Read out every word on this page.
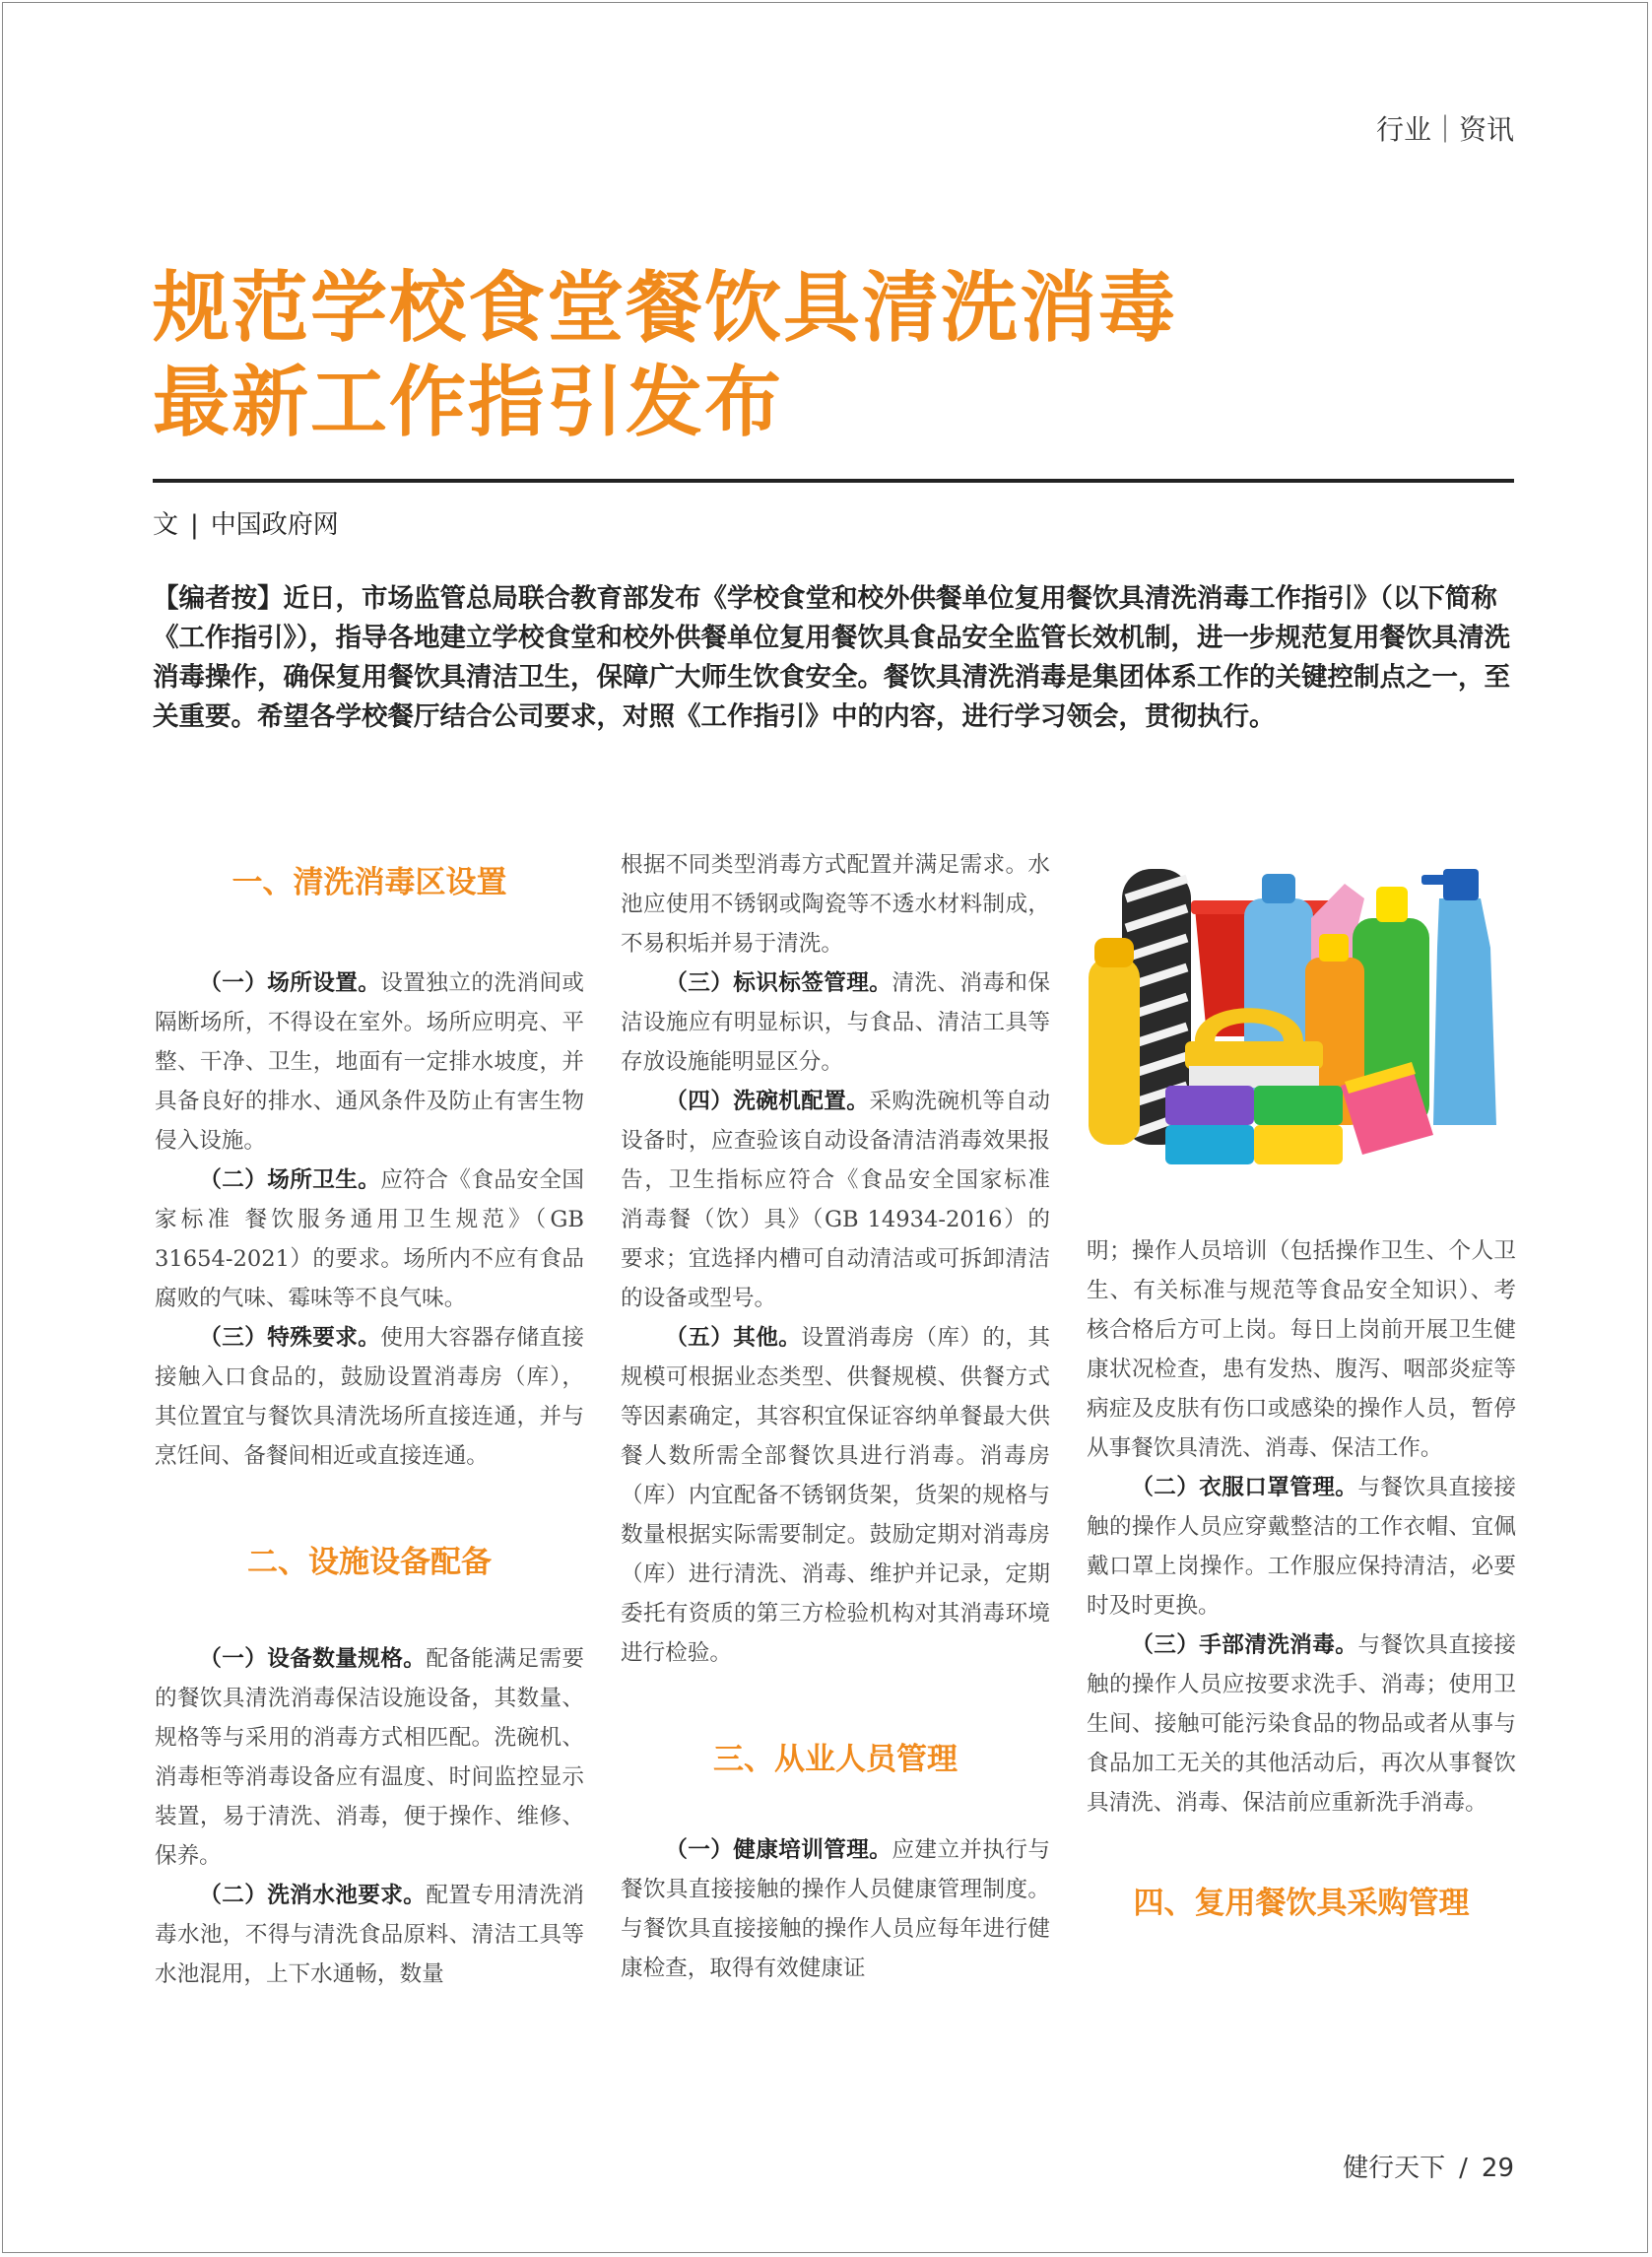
行业｜资讯
规范学校食堂餐饮具清洗消毒
最新工作指引发布
文 | 中国政府网

【编者按】近日，市场监管总局联合教育部发布《学校食堂和校外供餐单位复用餐饮具清洗消毒工作指引》（以下简称《工作指引》），指导各地建立学校食堂和校外供餐单位复用餐饮具食品安全监管长效机制，进一步规范复用餐饮具清洗消毒操作，确保复用餐饮具清洁卫生，保障广大师生饮食安全。餐饮具清洗消毒是集团体系工作的关键控制点之一，至关重要。希望各学校餐厅结合公司要求，对照《工作指引》中的内容，进行学习领会，贯彻执行。

一、清洗消毒区设置

（一）场所设置。设置独立的洗消间或隔断场所，不得设在室外。场所应明亮、平整、干净、卫生，地面有一定排水坡度，并具备良好的排水、通风条件及防止有害生物侵入设施。

（二）场所卫生。应符合《食品安全国家标准 餐饮服务通用卫生规范》（GB 31654-2021）的要求。场所内不应有食品腐败的气味、霉味等不良气味。

（三）特殊要求。使用大容器存储直接接触入口食品的，鼓励设置消毒房（库），其位置宜与餐饮具清洗场所直接连通，并与烹饪间、备餐间相近或直接连通。

二、设施设备配备

（一）设备数量规格。配备能满足需要的餐饮具清洗消毒保洁设施设备，其数量、规格等与采用的消毒方式相匹配。洗碗机、消毒柜等消毒设备应有温度、时间监控显示装置，易于清洗、消毒，便于操作、维修、保养。

（二）洗消水池要求。配置专用清洗消毒水池，不得与清洗食品原料、清洁工具等水池混用，上下水通畅，数量

根据不同类型消毒方式配置并满足需求。水池应使用不锈钢或陶瓷等不透水材料制成，不易积垢并易于清洗。

（三）标识标签管理。清洗、消毒和保洁设施应有明显标识，与食品、清洁工具等存放设施能明显区分。

（四）洗碗机配置。采购洗碗机等自动设备时，应查验该自动设备清洁消毒效果报告，卫生指标应符合《食品安全国家标准 消毒餐（饮）具》（GB 14934-2016）的要求；宜选择内槽可自动清洁或可拆卸清洁的设备或型号。

（五）其他。设置消毒房（库）的，其规模可根据业态类型、供餐规模、供餐方式等因素确定，其容积宜保证容纳单餐最大供餐人数所需全部餐饮具进行消毒。消毒房（库）内宜配备不锈钢货架，货架的规格与数量根据实际需要制定。鼓励定期对消毒房（库）进行清洗、消毒、维护并记录，定期委托有资质的第三方检验机构对其消毒环境进行检验。

三、从业人员管理

（一）健康培训管理。应建立并执行与餐饮具直接接触的操作人员健康管理制度。与餐饮具直接接触的操作人员应每年进行健康检查，取得有效健康证

明；操作人员培训（包括操作卫生、个人卫生、有关标准与规范等食品安全知识）、考核合格后方可上岗。每日上岗前开展卫生健康状况检查，患有发热、腹泻、咽部炎症等病症及皮肤有伤口或感染的操作人员，暂停从事餐饮具清洗、消毒、保洁工作。

（二）衣服口罩管理。与餐饮具直接接触的操作人员应穿戴整洁的工作衣帽、宜佩戴口罩上岗操作。工作服应保持清洁，必要时及时更换。

（三）手部清洗消毒。与餐饮具直接接触的操作人员应按要求洗手、消毒；使用卫生间、接触可能污染食品的物品或者从事与食品加工无关的其他活动后，再次从事餐饮具清洗、消毒、保洁前应重新洗手消毒。

四、复用餐饮具采购管理
健行天下 / 29
